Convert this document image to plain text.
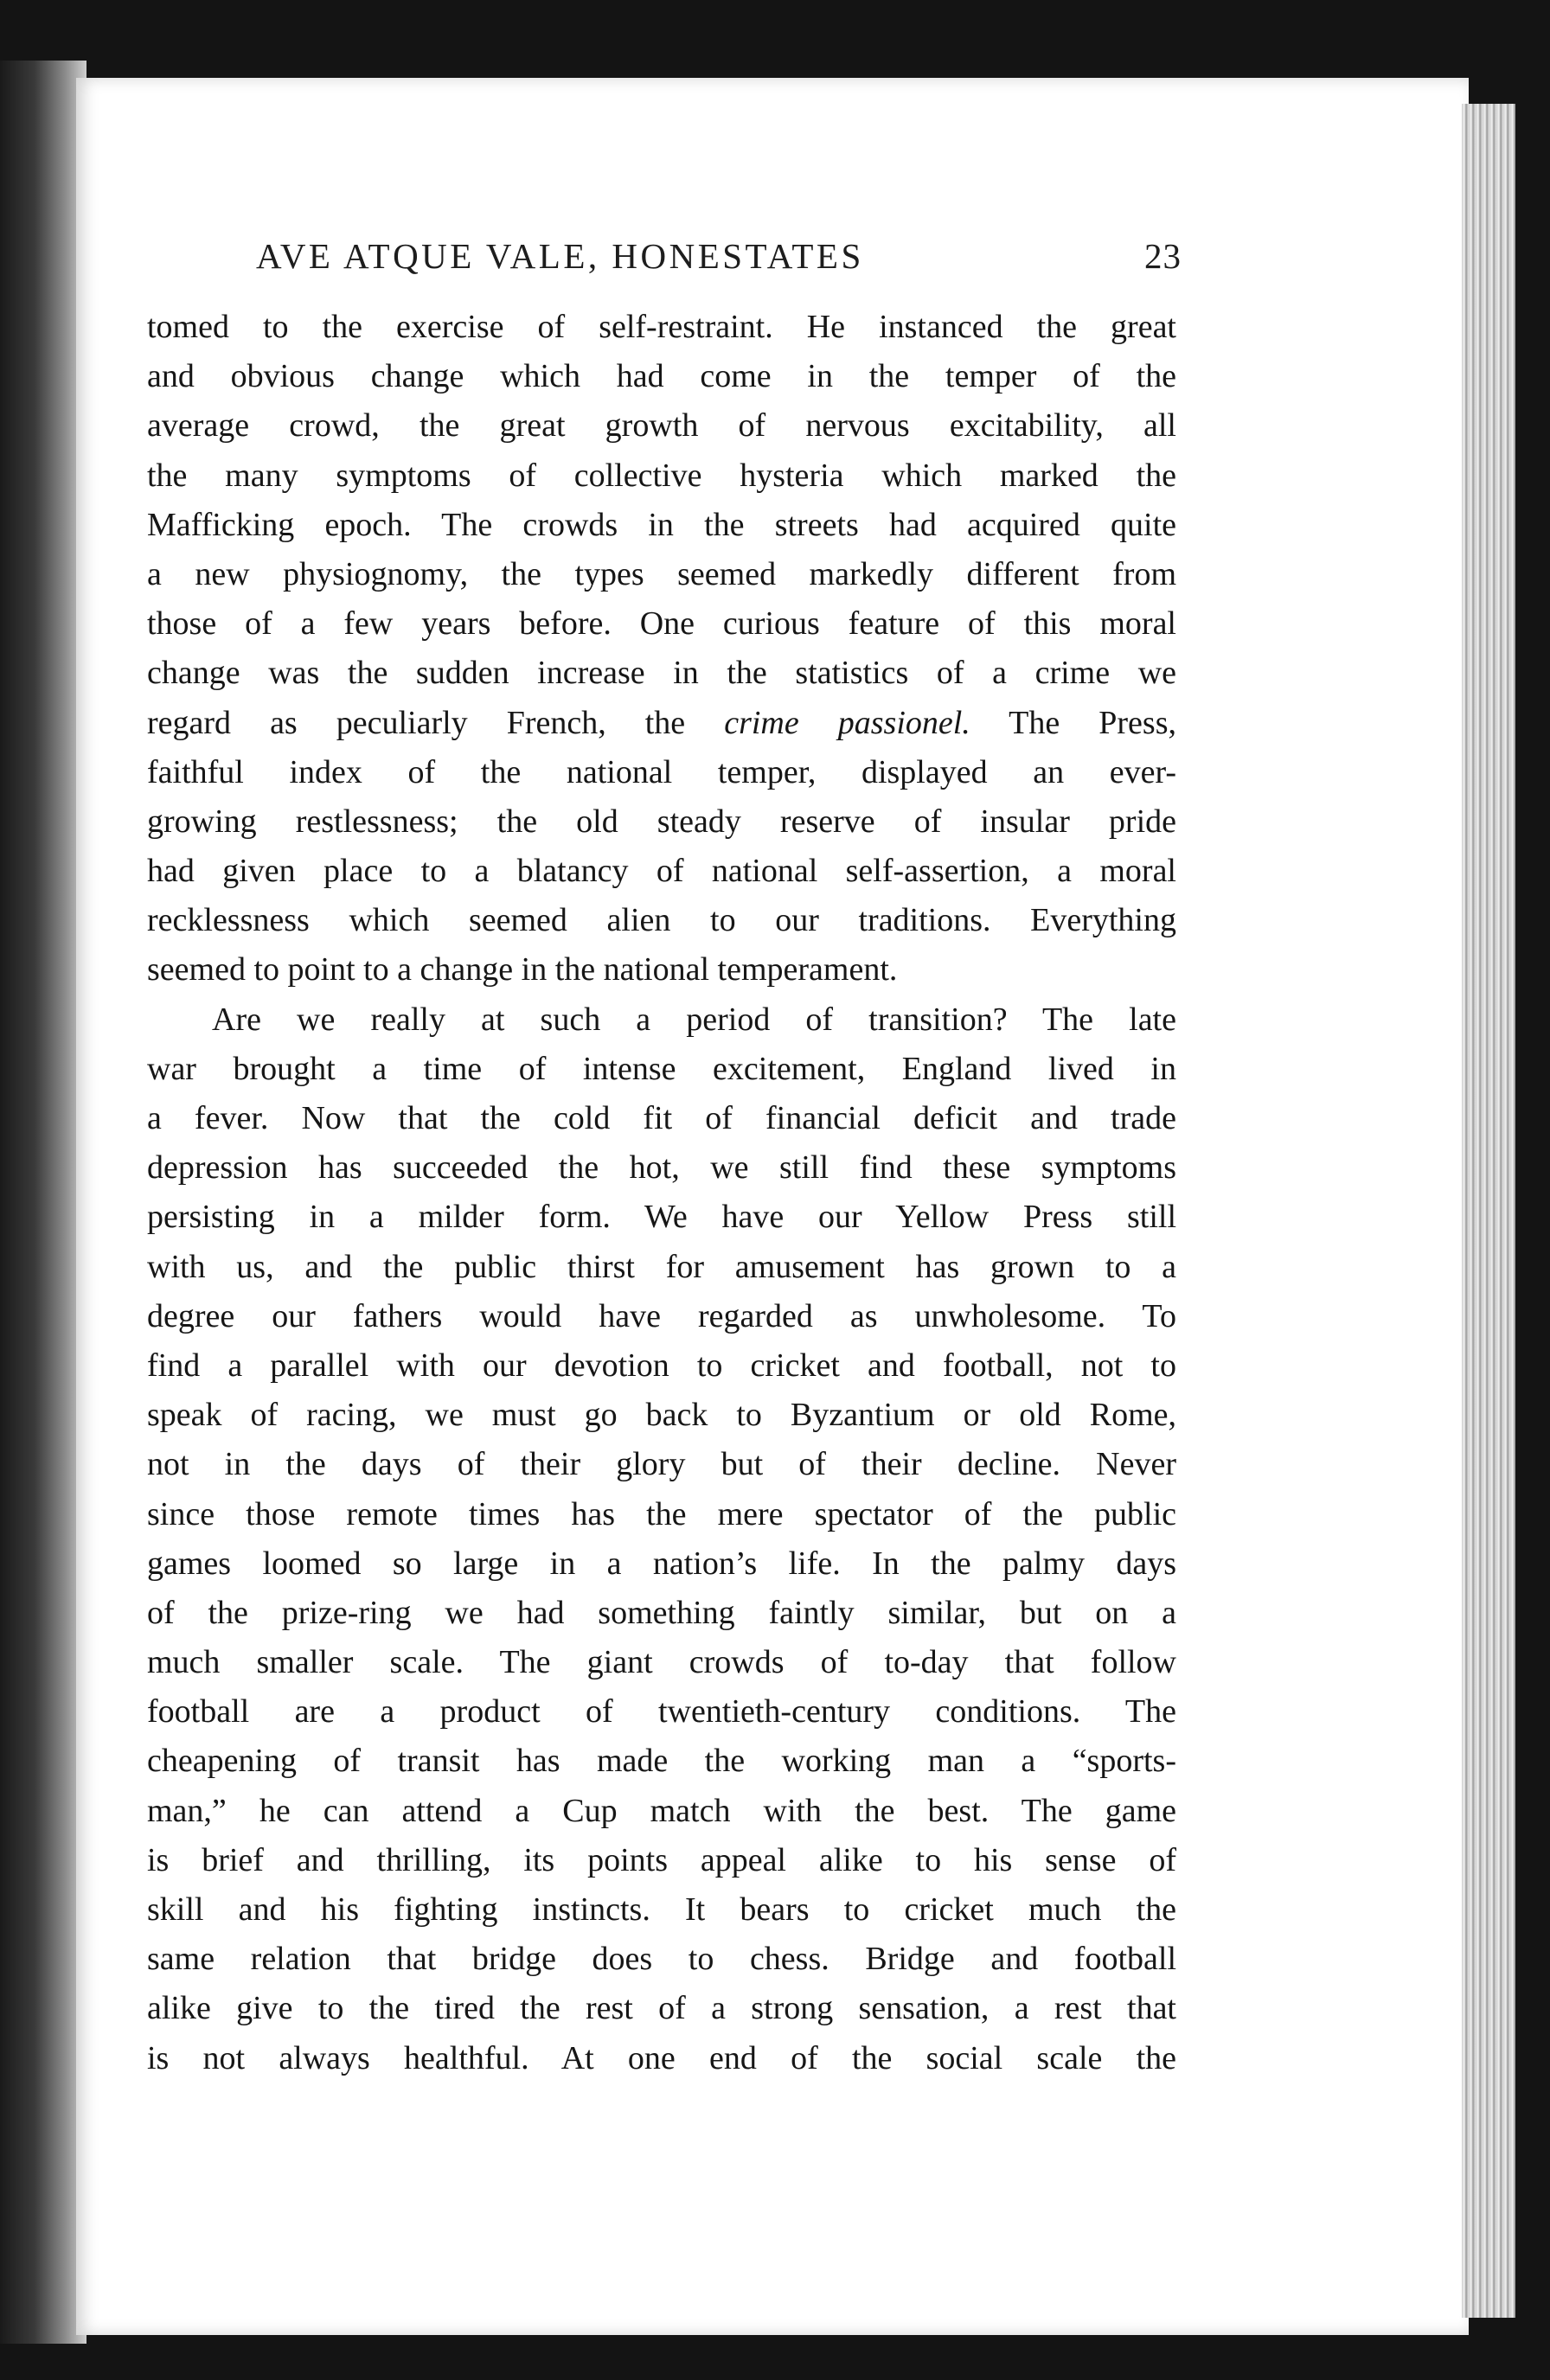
AVE ATQUE VALE, HONESTATES	23
tomed to the exercise of self-restraint. He instanced the great
and obvious change which had come in the temper of the
average crowd, the great growth of nervous excitability, all
the many symptoms of collective hysteria which marked the
Mafficking epoch. The crowds in the streets had acquired quite
a new physiognomy, the types seemed markedly different from
those of a few years before. One curious feature of this moral
change was the sudden increase in the statistics of a crime we
regard as peculiarly French, the crime passionel. The Press,
faithful index of the national temper, displayed an ever-
growing restlessness; the old steady reserve of insular pride
had given place to a blatancy of national self-assertion, a moral
recklessness which seemed alien to our traditions. Everything
seemed to point to a change in the national temperament.
Are we really at such a period of transition? The late
war brought a time of intense excitement, England lived in
a fever. Now that the cold fit of financial deficit and trade
depression has succeeded the hot, we still find these symptoms
persisting in a milder form. We have our Yellow Press still
with us, and the public thirst for amusement has grown to a
degree our fathers would have regarded as unwholesome. To
find a parallel with our devotion to cricket and football, not to
speak of racing, we must go back to Byzantium or old Rome,
not in the days of their glory but of their decline. Never
since those remote times has the mere spectator of the public
games loomed so large in a nation’s life. In the palmy days
of the prize-ring we had something faintly similar, but on a
much smaller scale. The giant crowds of to-day that follow
football are a product of twentieth-century conditions. The
cheapening of transit has made the working man a “sports-
man,” he can attend a Cup match with the best. The game
is brief and thrilling, its points appeal alike to his sense of
skill and his fighting instincts. It bears to cricket much the
same relation that bridge does to chess. Bridge and football
alike give to the tired the rest of a strong sensation, a rest that
is not always healthful. At one end of the social scale the
